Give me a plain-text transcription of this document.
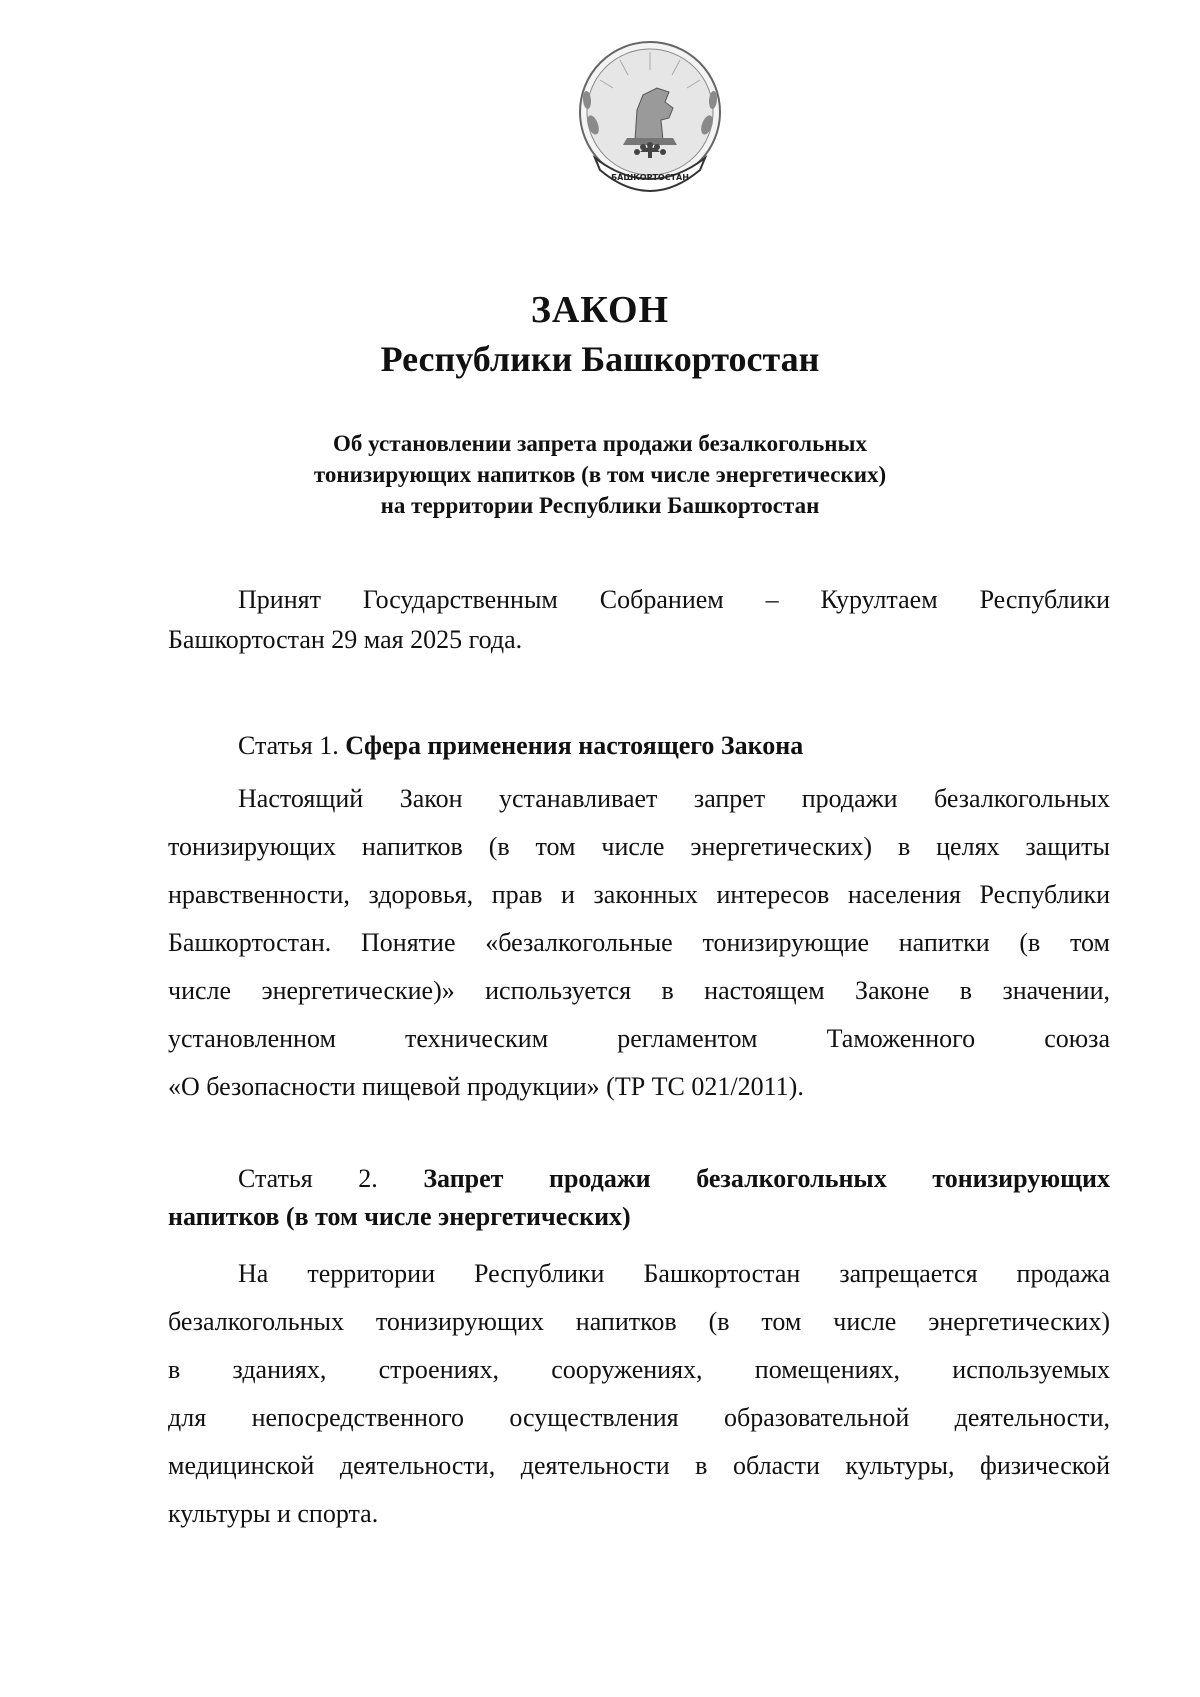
БАШКОРТОСТАН
ЗАКОН
Республики Башкортостан
Об установлении запрета продажи безалкогольных
тонизирующих напитков (в том числе энергетических)
на территории Республики Башкортостан
Принят Государственным Собранием – Курултаем Республики
Башкортостан 29 мая 2025 года.
Статья 1. Сфера применения настоящего Закона
Настоящий Закон устанавливает запрет продажи безалкогольных
тонизирующих напитков (в том числе энергетических) в целях защиты
нравственности, здоровья, прав и законных интересов населения Республики
Башкортостан. Понятие «безалкогольные тонизирующие напитки (в том
числе энергетические)» используется в настоящем Законе в значении,
установленном техническим регламентом Таможенного союза
«О безопасности пищевой продукции» (ТР ТС 021/2011).
Статья 2. Запрет продажи безалкогольных тонизирующих
напитков (в том числе энергетических)
На территории Республики Башкортостан запрещается продажа
безалкогольных тонизирующих напитков (в том числе энергетических)
в зданиях, строениях, сооружениях, помещениях, используемых
для непосредственного осуществления образовательной деятельности,
медицинской деятельности, деятельности в области культуры, физической
культуры и спорта.
